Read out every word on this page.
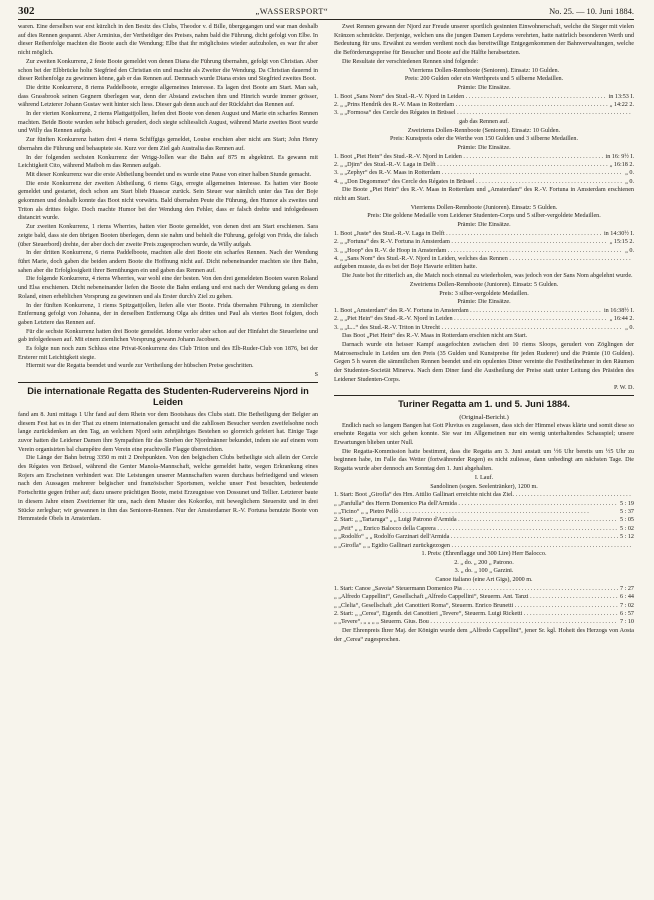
302	„WASSERSPORT“	No. 25. — 10. Juni 1884.

waren. Eine derselben war erst kürzlich in den Besitz des Clubs, Theodor v. d Bille, übergegangen und war man deshalb auf dies Rennen gespannt. Aber Arminius, der Vertheidiger des Preises, nahm bald die Führung, dicht gefolgt von Elbe. In dieser Reihenfolge machten die Boote auch die Wendung; Elbe that ihr möglichstes wieder aufzuholen, es war ihr aber nicht möglich.

Zur zweiten Konkurrenz, 2 feste Boote gemeldet von denen Diana die Führung übernahm, gefolgt von Christian. Aber schon bei der Elbbrücke holte Siegfried den Christian ein und machte als Zweiter die Wendung. Da Christian dauernd in dieser Reihenfolge zu gewinnen könne, gab er das Rennen auf. Demnach wurde Diana erstes und Siegfried zweites Boot.

Die dritte Konkurrenz, 8 riems Paddelboote, erregte allgemeines Interesse. Es lagen drei Boote am Start. Man sah, dass Grassbrook seinen Gegnern überlegen war, denn der Abstand zwischen ihm und Hinrich wurde immer grösser, während Letzterer Johann Gustav weit hinter sich liess. Dieser gab denn auch auf der Rückfahrt das Rennen auf.

In der vierten Konkurrenz, 2 riems Plattgattjollen, liefen drei Boote von denen August und Marie ein scharfes Rennen machten. Beide Boote wurden sehr hübsch gerudert, doch siegte schliesslich August, während Marie zweites Boot wurde und Willy das Rennen aufgab.

Zur fünften Konkurrenz hatten drei 4 riems Schiffgigs gemeldet, Louise erschien aber nicht am Start; John Henry übernahm die Führung und behauptete sie. Kurz vor dem Ziel gab Australia das Rennen auf.

In der folgenden sechsten Konkurrenz der Wrigg-Jollen war die Bahn auf 875 m abgekürzt. Es gewann mit Leichtigkeit Cito, während Maiboh m das Rennen aufgab.

Mit dieser Konkurrenz war die erste Abtheilung beendet und es wurde eine Pause von einer halben Stunde gemacht.

Die erste Konkurrenz der zweiten Abtheilung, 6 riems Gigs, erregte allgemeines Interesse. Es hatten vier Boote gemeldet und gestartet, doch schon am Start blieb Huascar zurück. Sein Steuer war nämlich unter das Tau der Boje gekommen und deshalb konnte das Boot nicht vorwärts. Bald übernahm Peute die Führung, den Humor als zweites und Triton als drittes folgte. Doch machte Humor bei der Wendung den Fehler, dass er falsch drehte und infolgedessen distancirt wurde.

Zur zweiten Konkurrenz, 1 riems Wherries, hatten vier Boote gemeldet, von denen drei am Start erschienen. Sara zeigte bald, dass sie den übrigen Booten überlegen, denn sie nahm und behielt die Führung, gefolgt von Frida, die falsch (über Steuerbord) drehte, der aber doch der zweite Preis zugesprochen wurde, da Willy aufgab.

In der dritten Konkurrenz, 6 riems Paddelboote, machten alle drei Boote ein scharfes Rennen. Nach der Wendung führt Marie, doch gaben die beiden andern Boote die Hoffnung nicht auf. Dicht nebeneinander machten sie ihre Bahn, sahen aber die Erfolglosigkeit ihrer Bemühungen ein und gaben das Rennen auf.

Die folgende Konkurrenz, 4 riems Wherries, war wohl eine der besten. Von den drei gemeldeten Booten waren Roland und Elsa erschienen. Dicht nebeneinander liefen die Boote die Bahn entlang und erst nach der Wendung gelang es dem Roland, einen erheblichen Vorsprung zu gewinnen und als Erster durch's Ziel zu gehen.

In der fünften Konkurrenz, 1 riems Spitzgattjollen, liefen alle vier Boote. Frida übernahm Führung, in ziemlicher Entfernung gefolgt von Johanna, der in derselben Entfernung Olga als drittes und Paul als viertes Boot folgten, doch gaben Letztere das Rennen auf.

Für die sechste Konkurrenz hatten drei Boote gemeldet. Idome verlor aber schon auf der Hinfahrt die Steuerleine und gab infolgedessen auf. Mit einem ziemlichen Vorsprung gewann Johann Jacobsen.

Es folgte nun noch zum Schluss eine Privat-Konkurrenz des Club Triton und des Elb-Ruder-Club von 1876, bei der Ersterer mit Leichtigkeit siegte.

Hiermit war die Regatta beendet und wurde zur Vertheilung der hübschen Preise geschritten.

S

Die internationale Regatta des Studenten-Rudervereins Njord in Leiden

fand am 8. Juni mittags 1 Uhr fand auf dem Rhein vor dem Bootshaus des Clubs statt. Die Betheiligung der Belgier an diesem Fest hat es in der That zu einem internationalen gemacht und die zahllosen Besucher werden zweifelsohne noch lange zurückdenken an den Tag, an welchem Njord sein zehnjähriges Bestehen so glorreich gefeiert hat. Einige Tage zuvor hatten die Leidener Damen ihre Sympathien für das Streben der Njordmänner bekundet, indem sie auf einem vom Verein organisirten bal champêtre dem Verein eine prachtvolle Flagge überreichten.

Die Länge der Bahn betrug 3350 m mit 2 Drehpunkten. Von den belgischen Clubs betheiligte sich allein der Cercle des Régates von Brüssel, während die Genter Manola-Mannschaft, welche gemeldet hatte, wegen Erkrankung eines Rojers am Erscheinen verhindert war. Die Leistungen unserer Mannschaften waren durchaus befriedigend und wiesen nach den Aussagen mehrerer belgischer und französischer Sportsmen, welche unser Fest besuchten, bedeutende Fortschritte gegen früher auf; dazu unsere prächtigen Boote, meist Erzeugnisse von Dossunet und Tellier. Letzterer baute in diesem Jahre einen Zweiriemer für uns, nach dem Muster des Kokoriko, mit beweglichem Steuersitz und in drei Stücke zerlegbar; wir gewannen in ihm das Senioren-Rennen. Nur der Amsterdamer R.-V. Fortuna benutzte Boote von Hemmstede Obels in Amsterdam.

Zwei Rennen gewann der Njord zur Freude unserer sportlich gesinnten Einwohnerschaft, welche die Sieger mit vielen Kränzen schmückte. Derjenige, welchen uns die jungen Damen Leydens verehrten, hatte natürlich besonderen Werth und Bedeutung für uns. Erwähnt zu werden verdient noch das bereitwillige Entgegenkommen der Bahnverwaltungen, welche die Beförderungspreise für Besucher und Boote auf die Hälfte herabsetzten.

Die Resultate der verschiedenen Rennen sind folgende:

Vierriems Dollen-Rennboote (Senioren). Einsatz: 10 Gulden.

Preis: 200 Gulden oder ein Werthpreis und 5 silberne Medaillen.

Prämie: Die Einsätze.

1. Boot „Sans Nom“ des Stud.-R.-V. Njord in Leiden . . .	in 13:53 I.
2. „ „Prins Hendrik des R.-V. Maas in Rotterdam . . .	„ 14:22 2.
3. „ „Formosa“ des Cercle des Régates in Brüssel . . .

gab das Rennen auf.

Zweiriems Dollen-Rennboote (Senioren). Einsatz: 10 Gulden.

Preis: Kunstpreis oder die Werthe von 150 Gulden und 3 silberne Medaillen.

Prämie: Die Einsätze.

1. Boot „Piet Hein“ des Stud.-R.-V. Njord in Leiden . . .	in 16: 9½ I.
2. „ „Djim“ des Stud.-R.-V. Laga in Delft . . .	„ 16:18 2.
3. „ „Zephyr“ des R.-V. Maas in Rotterdam . . .	„ 0.
4. „ „Don Degommez“ des Cercle des Régates in Brüssel . . .	„ 0.

Die Boote „Piet Hein“ des R.-V. Maas in Rotterdam und „Amsterdam“ des R.-V. Fortuna in Amsterdam erschienen nicht am Start.

Vierriems Dollen-Rennboote (Junioren). Einsatz: 5 Gulden.

Preis: Die goldene Medaille vom Leidener Studenten-Corps und 5 silber-vergoldete Medaillen.

Prämie: Die Einsätze.

1. Boot „Juste“ des Stud.-R.-V. Laga in Delft . . .	in 14:30½ I.
2. „ „Fortuna“ des R.-V. Fortuna in Amsterdam . . .	„ 15:15 2.
3. „ „Hoop“ des R.-V. de Hoop in Amsterdam . . .	„ 0.
4. „ „Sans Nom“ des Stud.-R.-V. Njord in Leiden, welches das Rennen . . .

aufgeben musste, da es bei der Boje Havarie erlitten hatte.

Die Juste bot ihr ritterlich an, die Match noch einmal zu wiederholen, was jedoch von der Sans Nom abgelehnt wurde.

Zweiriems Dollen-Rennboote (Junioren). Einsatz: 5 Gulden.

Preis: 3 silber-vergoldete Medaillen.

Prämie: Die Einsätze.

1. Boot „Amsterdam“ des R.-V. Fortuna in Amsterdam . . .	in 16:38½ I.
2. „ „Piet Hein“ des Stud.-R.-V. Njord in Leiden . . .	„ 16:44 2.
3. „ „L...“ des Stud.-R.-V. Triton in Utrecht . . .	„ 0.

Das Boot „Piet Hein“ des R.-V. Maas in Rotterdam erschien nicht am Start.

Darnach wurde ein heisser Kampf ausgefochten zwischen drei 10 riems Sloops, gerudert von Zöglingen der Matrosenschule in Leiden um den Preis (35 Gulden und Kunstpreise für jeden Ruderer) und die Prämie (10 Gulden). Gegen 5 h waren die sämmtlichen Rennen beendet und ein opulentes Diner vereinte die Festtheilnehmer in den Räumen der Studenten-Societät Minerva. Nach dem Diner fand die Austheilung der Preise statt unter Leitung des Präsiden des Leidener Studenten-Corps.

P. W. D.

Turiner Regatta am 1. und 5. Juni 1884.
(Original-Bericht.)

Endlich nach so langem Bangen hat Gott Pluvius es zugelassen, dass sich der Himmel etwas klärte und somit diese so ersehnte Regatta vor sich gehen konnte. Sie war im Allgemeinen nur ein wenig unterhaltendes Schauspiel; unsere Erwartungen blieben unter Null.

Die Regatta-Kommission hatte bestimmt, dass die Regatta am 3. Juni anstatt um ½6 Uhr bereits um ½5 Uhr zu beginnen habe, im Falle das Wetter (fortwährender Regen) es nicht zuliesse, dann unbedingt am nächsten Tage. Die Regatta wurde aber dennoch am Sonntag den 1. Juni abgehalten.

I. Lauf.

Sandolinen (sogen. Seelentränker), 1200 m.

1. Start: Boot „Girofla“ des Hrn. Attilio Gallinari erreichte nicht das Ziel. . . .
„ „Fanfulla“ des Herrn Domenico Pia dell'Armida . . .	5 : 19
„ „Ticino“ „ „ Pietro Pellò . . .	5 : 37
2. Start: „ „Tartaruga“ „ „ Luigi Patrono d'Armida . . .	5 : 05
„ „Peit“ „ „ Enrico Balocco della Caprera . . .	5 : 02
„ „Rodolfo“ „ „ Rodolfo Garzinari dell'Armida . . .	5 : 12
„ „Girofla“ „ „ Egidio Gallinari zurückgezogen . . .

1. Preis: (Ehrenflagge und 300 Lire) Herr Balocco.

2. „ do. „ 200 „ Patrono.

3. „ do. „ 100 „ Garzini.

Canoe italiano (eine Art Gigs), 2000 m.

1. Start: Canoe „Savoia“ Steuermann Domenico Pia . . .	7 : 27
„ „Alfredo Cappellini“, Gesellschaft „Alfredo Cappellini“, Steuerm. Ant. Tanzi . . .	6 : 44
„ „Clelia“, Gesellschaft „dei Canottieri Roma“, Steuerm. Enrico Brunetti . . .	7 : 02
2. Start: „ „Cerea“, Eigenth. dei Canottieri „Tevere“, Steuerm. Luigi Ricketti . . .	6 : 57
„ „Tevere“, „ „ „ „ Steuerm. Gius. Bou . . .	7 : 10

Der Ehrenpreis Ihrer Maj. der Königin wurde dem „Alfredo Cappellini“, jener Sr. kgl. Hoheit des Herzogs von Aosta der „Cerea“ zugesprochen.
